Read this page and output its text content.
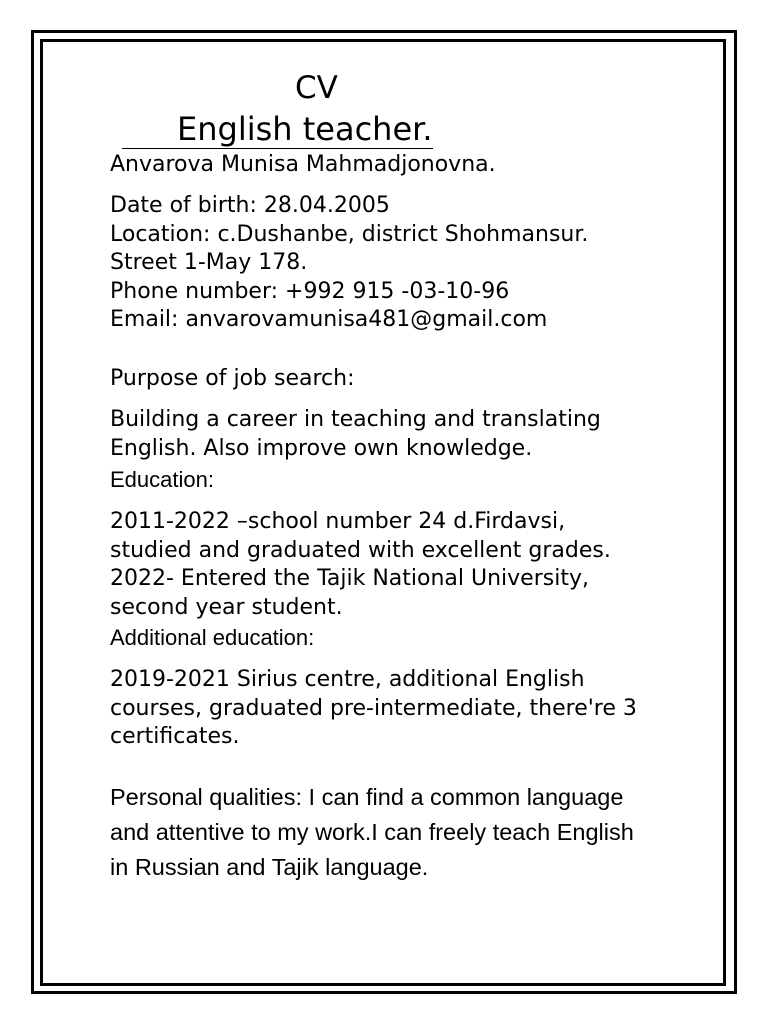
CV
English teacher.

Anvarova Munisa Mahmadjonovna.

Date of birth: 28.04.2005
Location: c.Dushanbe, district Shohmansur.
Street 1-May 178.
Phone number: +992 915 -03-10-96
Email: anvarovamunisa481@gmail.com

Purpose of job search:

Building a career in teaching and translating
English. Also improve own knowledge.

Education:

2011-2022 –school number 24 d.Firdavsi,
studied and graduated with excellent grades.
2022- Entered the Tajik National University,
second year student.

Additional education:

2019-2021 Sirius centre, additional English
courses, graduated pre-intermediate, there're 3
certificates.
Personal qualities: I can find a common language
and attentive to my work.I can freely teach English
in Russian and Tajik language.
